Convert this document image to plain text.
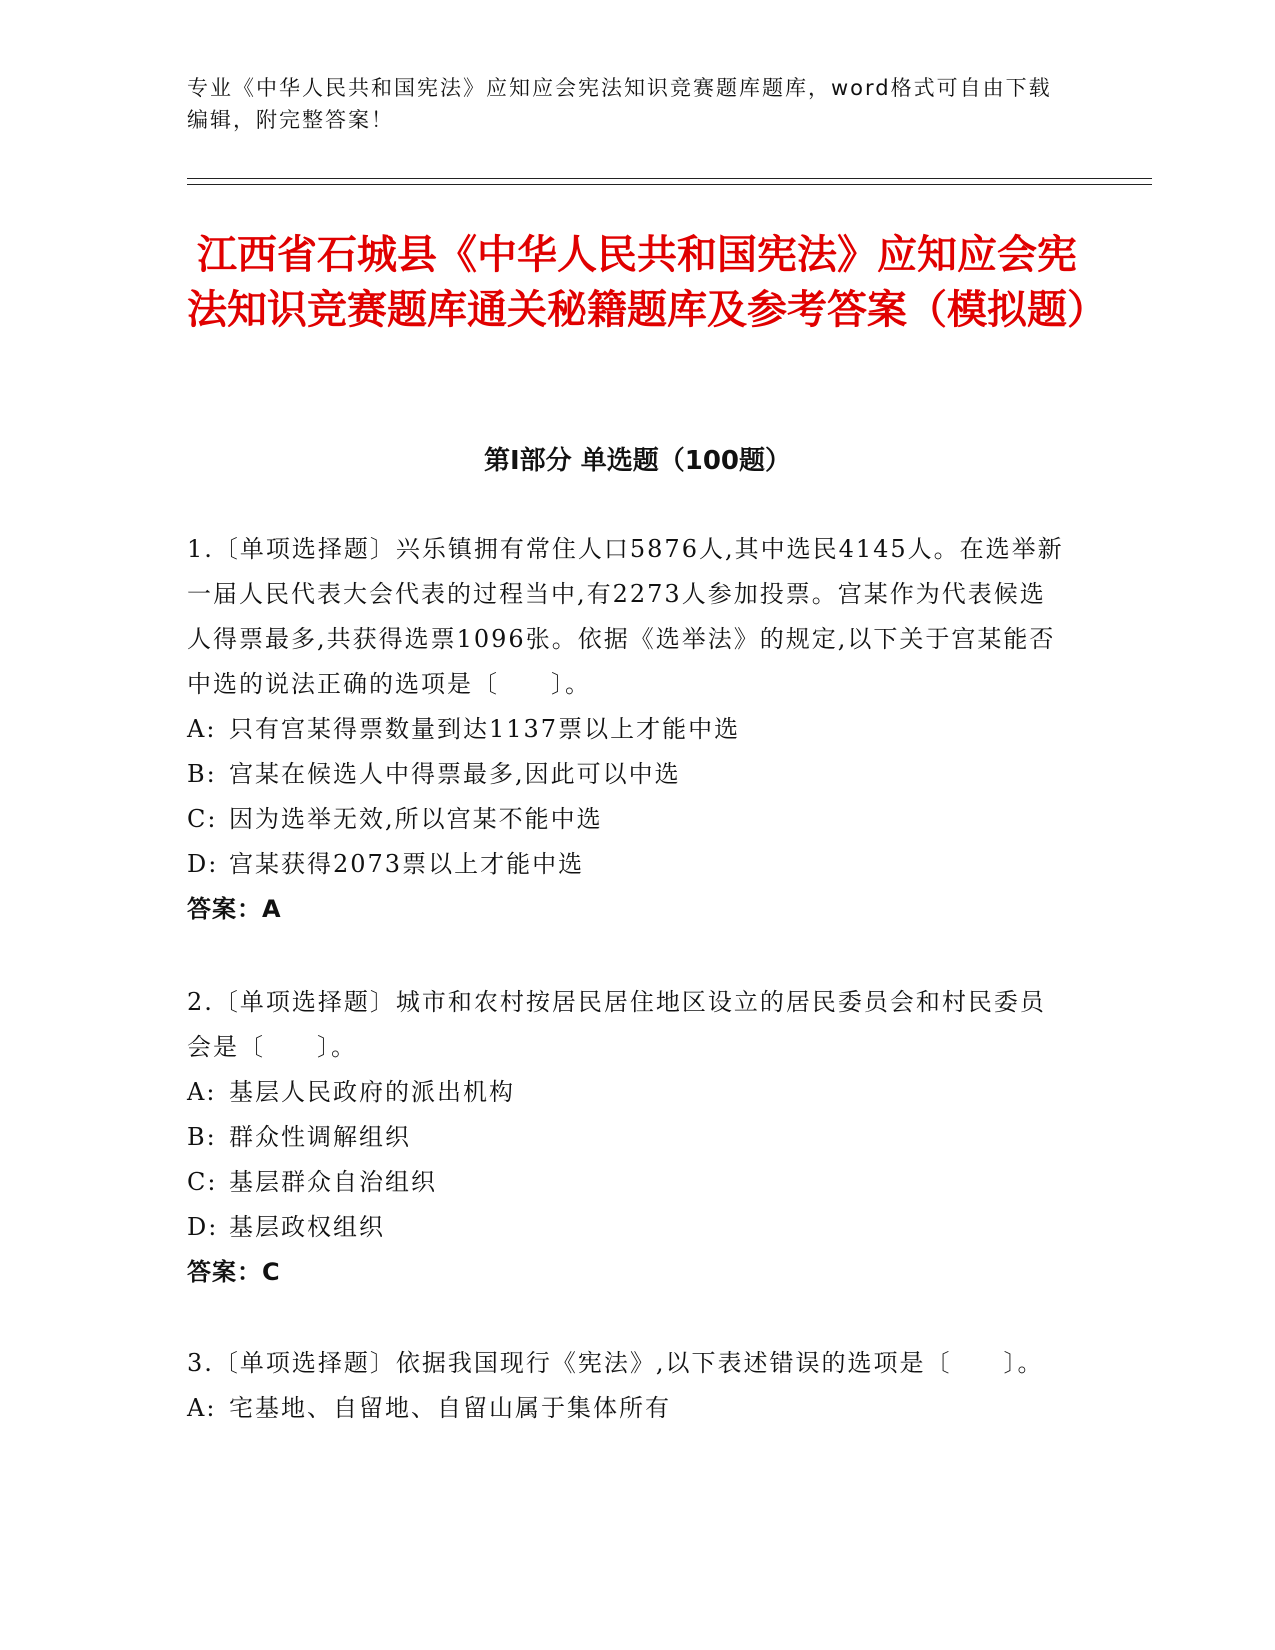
专业《中华人民共和国宪法》应知应会宪法知识竞赛题库题库，word格式可自由下载编辑，附完整答案！
江西省石城县《中华人民共和国宪法》应知应会宪法知识竞赛题库通关秘籍题库及参考答案（模拟题）
第Ⅰ部分 单选题（100题）
1.〔单项选择题〕兴乐镇拥有常住人口5876人,其中选民4145人。在选举新一届人民代表大会代表的过程当中,有2273人参加投票。宫某作为代表候选人得票最多,共获得选票1096张。依据《选举法》的规定,以下关于宫某能否中选的说法正确的选项是〔　　〕。
A: 只有宫某得票数量到达1137票以上才能中选
B: 宫某在候选人中得票最多,因此可以中选
C: 因为选举无效,所以宫某不能中选
D: 宫某获得2073票以上才能中选
答案：A
2.〔单项选择题〕城市和农村按居民居住地区设立的居民委员会和村民委员会是〔　　〕。
A: 基层人民政府的派出机构
B: 群众性调解组织
C: 基层群众自治组织
D: 基层政权组织
答案：C
3.〔单项选择题〕依据我国现行《宪法》,以下表述错误的选项是〔　　〕。
A: 宅基地、自留地、自留山属于集体所有
